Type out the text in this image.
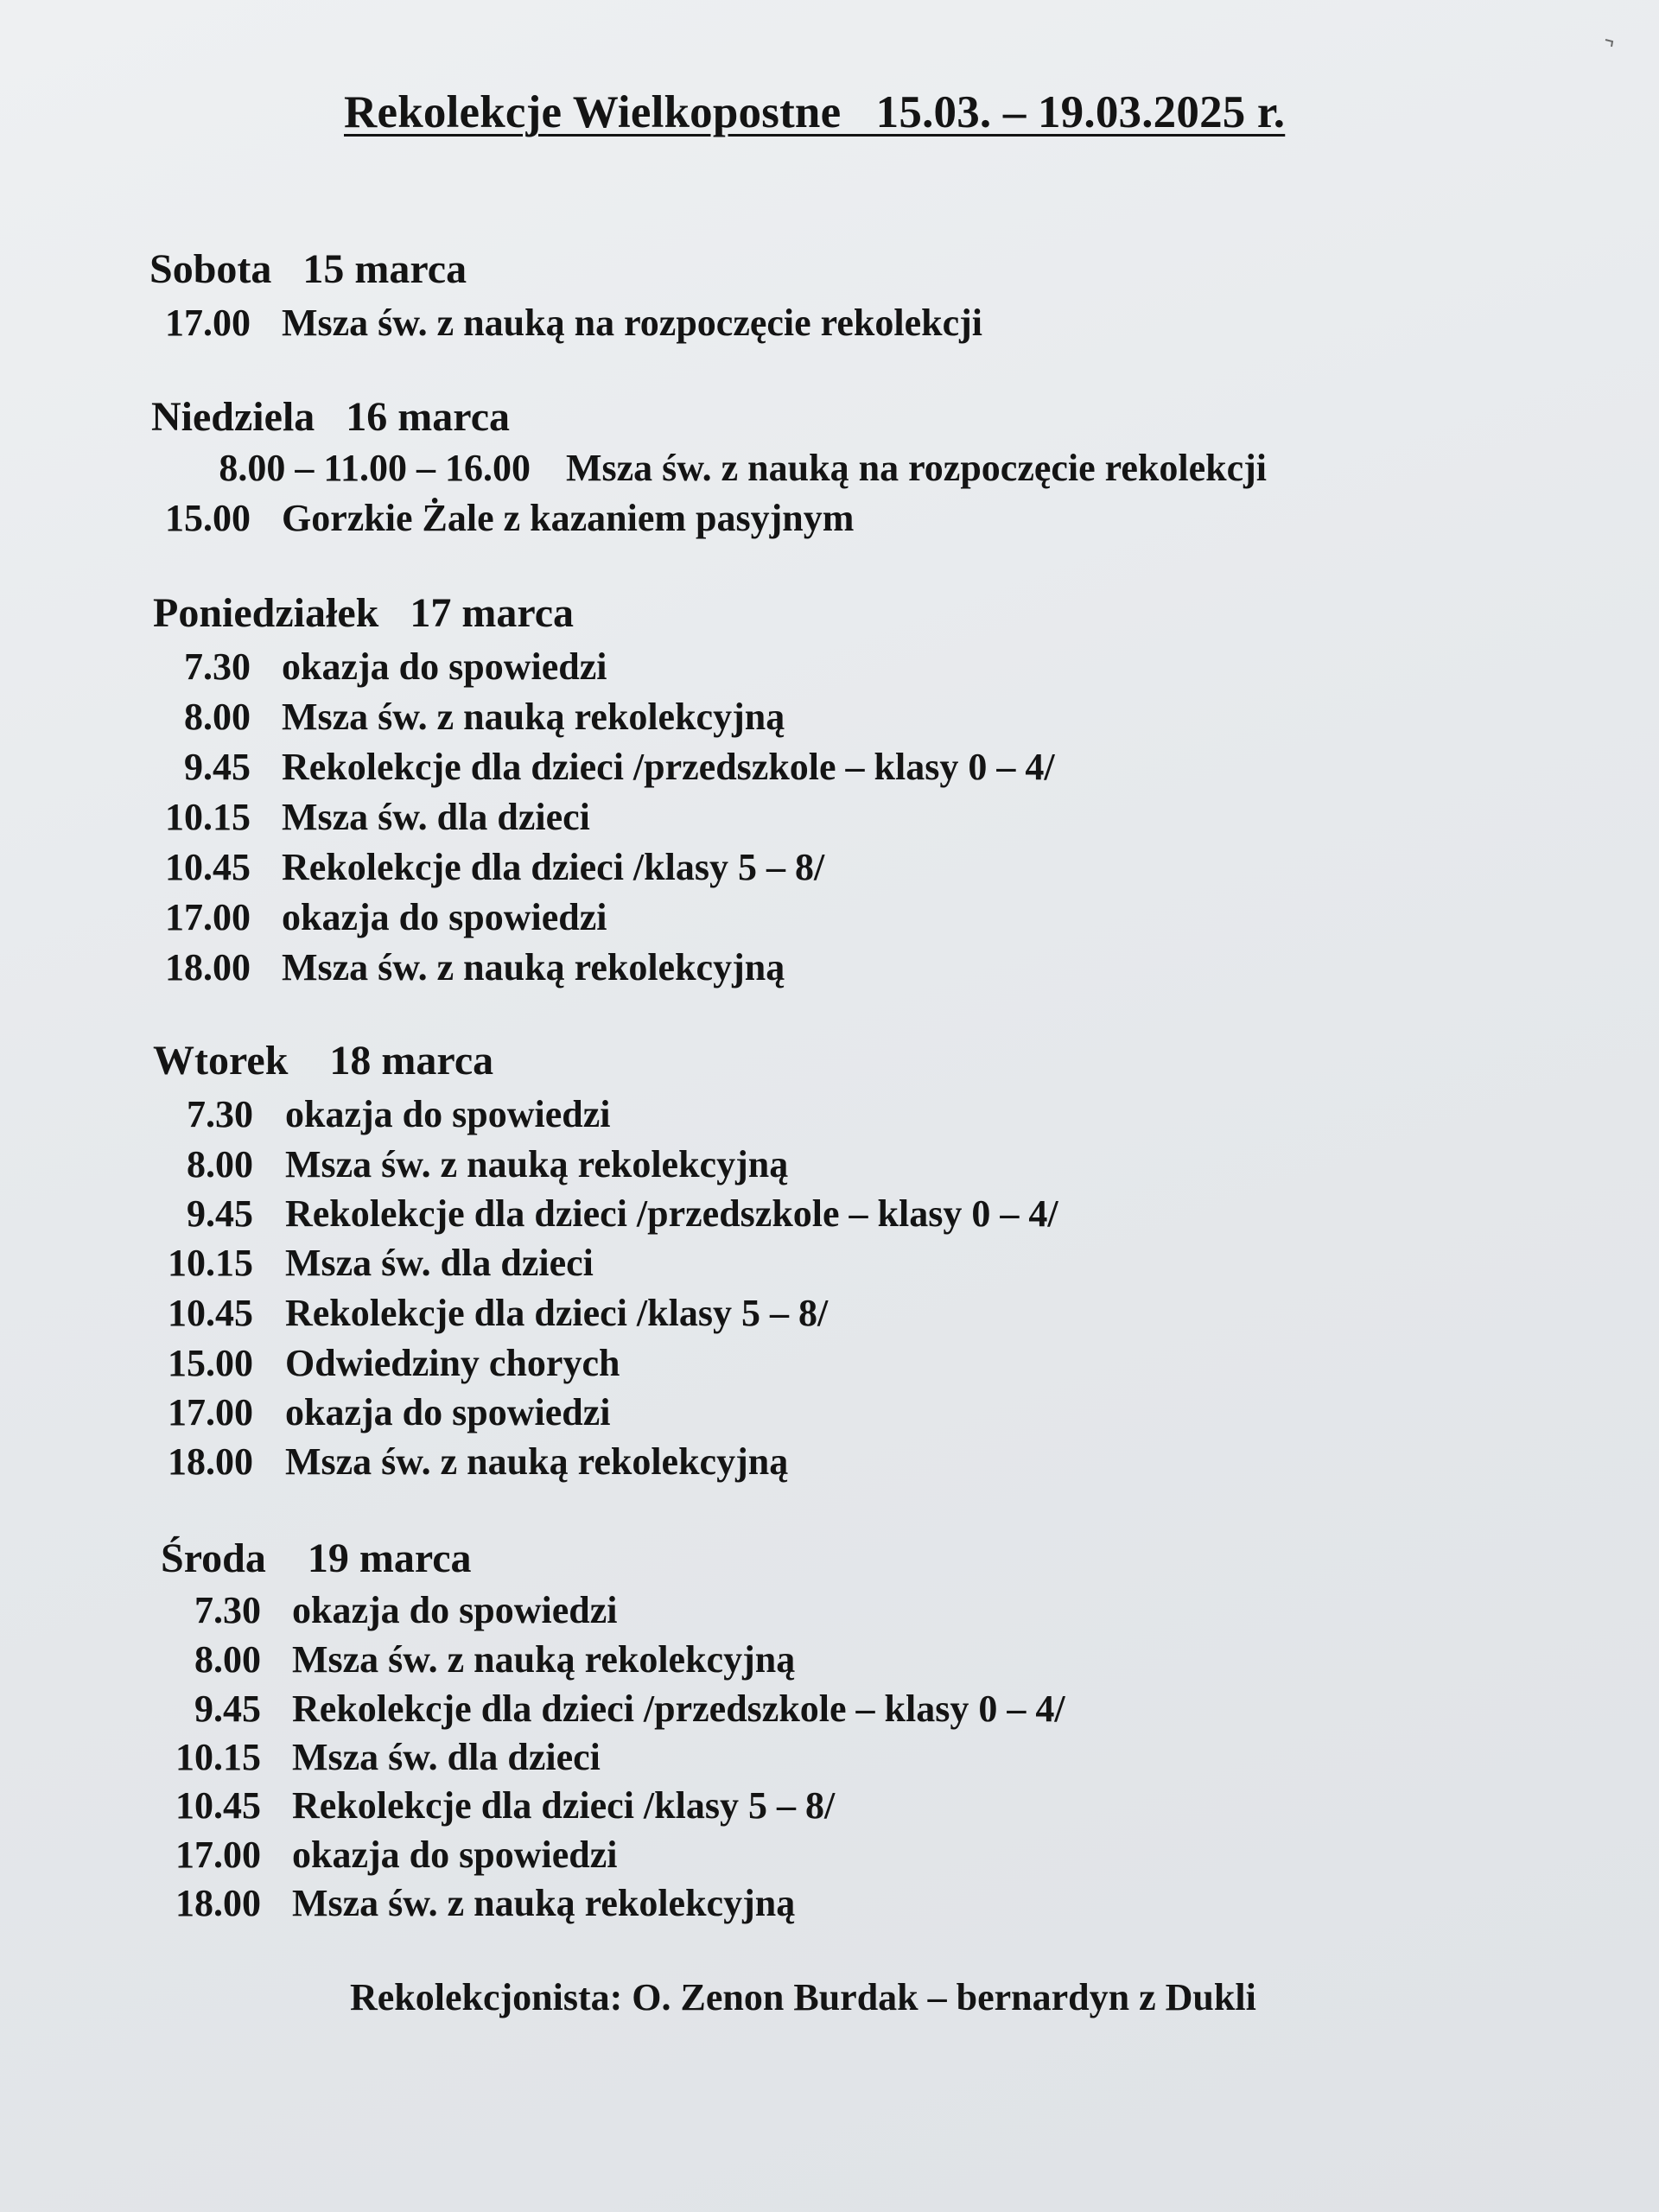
Rekolekcje Wielkopostne   15.03. – 19.03.2025 r.
Sobota   15 marca

17.00

Msza św. z nauką na rozpoczęcie rekolekcji
Niedziela   16 marca

8.00 – 11.00 – 16.00

Msza św. z nauką na rozpoczęcie rekolekcji

15.00

Gorzkie Żale z kazaniem pasyjnym
Poniedziałek   17 marca
7.30 okazja do spowiedzi
8.00 Msza św. z nauką rekolekcyjną
9.45 Rekolekcje dla dzieci /przedszkole – klasy 0 – 4/
10.15 Msza św. dla dzieci
10.45 Rekolekcje dla dzieci /klasy 5 – 8/
17.00 okazja do spowiedzi
18.00 Msza św. z nauką rekolekcyjną
Wtorek    18 marca
7.30 okazja do spowiedzi
8.00 Msza św. z nauką rekolekcyjną
9.45 Rekolekcje dla dzieci /przedszkole – klasy 0 – 4/
10.15 Msza św. dla dzieci
10.45 Rekolekcje dla dzieci /klasy 5 – 8/
15.00 Odwiedziny chorych
17.00 okazja do spowiedzi
18.00 Msza św. z nauką rekolekcyjną
Środa    19 marca
7.30 okazja do spowiedzi
8.00 Msza św. z nauką rekolekcyjną
9.45 Rekolekcje dla dzieci /przedszkole – klasy 0 – 4/
10.15 Msza św. dla dzieci
10.45 Rekolekcje dla dzieci /klasy 5 – 8/
17.00 okazja do spowiedzi
18.00 Msza św. z nauką rekolekcyjną
Rekolekcjonista: O. Zenon Burdak – bernardyn z Dukli
